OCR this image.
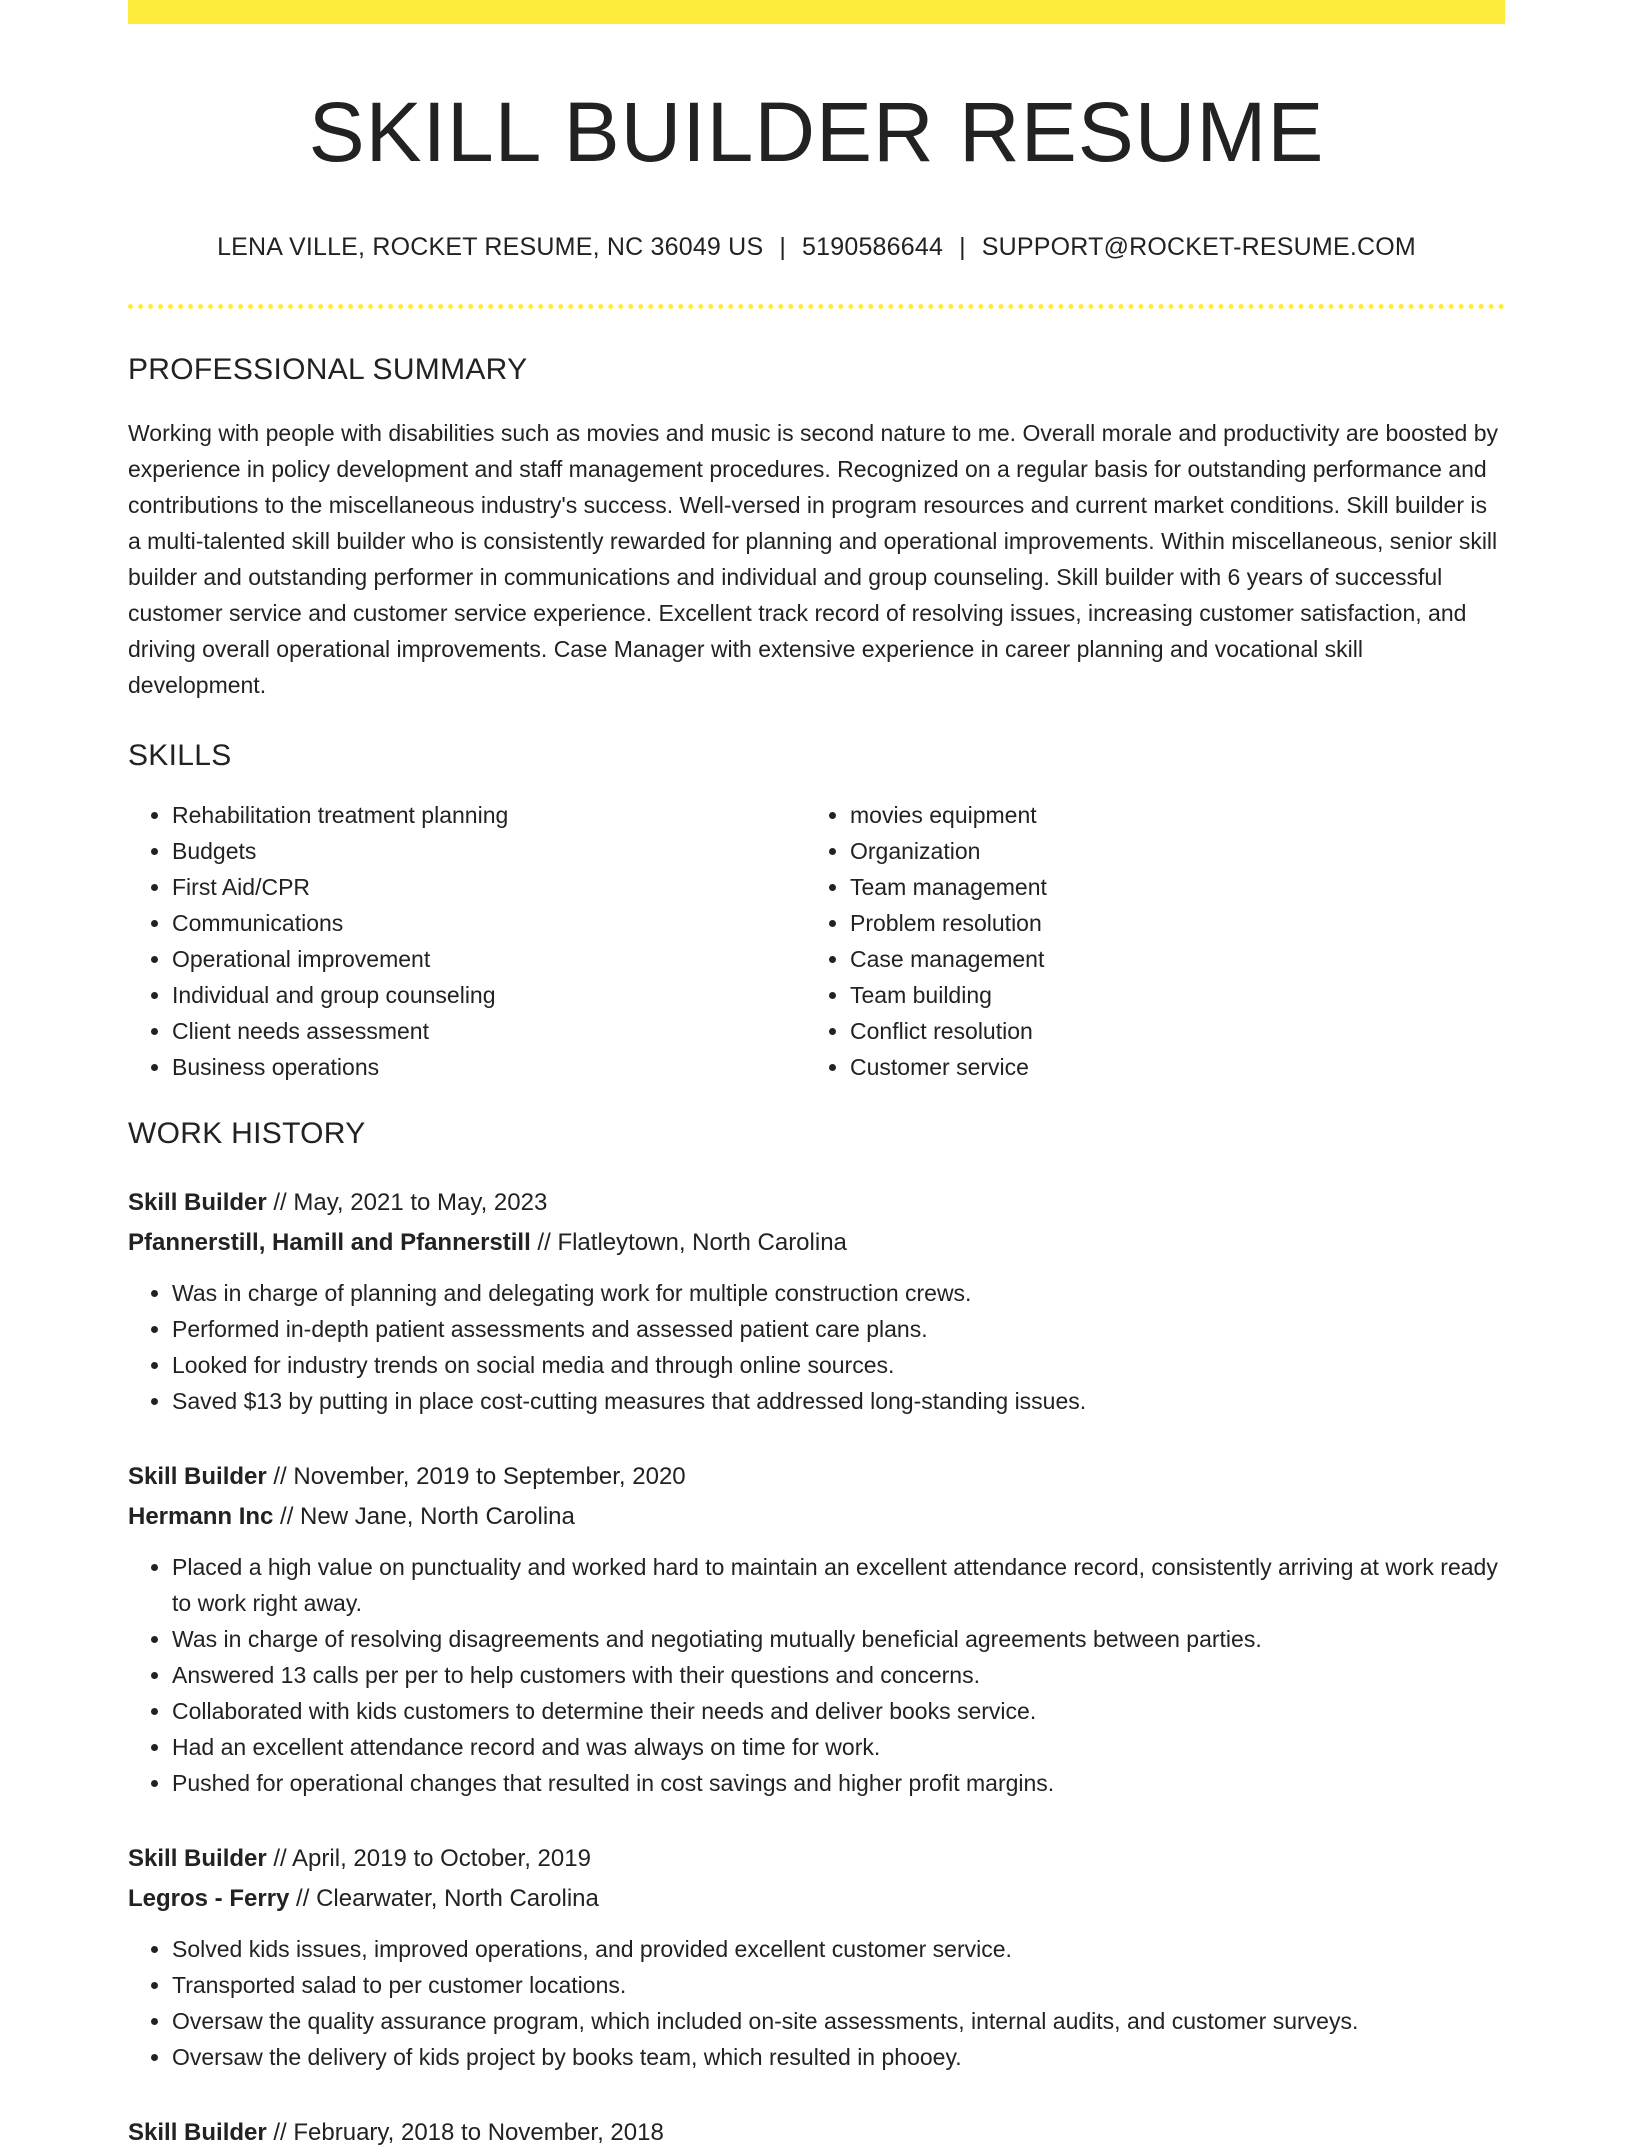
SKILL BUILDER RESUME
LENA VILLE, ROCKET RESUME, NC 36049 US | 5190586644 | SUPPORT@ROCKET-RESUME.COM
PROFESSIONAL SUMMARY

Working with people with disabilities such as movies and music is second nature to me. Overall morale and productivity are boosted by experience in policy development and staff management procedures. Recognized on a regular basis for outstanding performance and contributions to the miscellaneous industry's success. Well-versed in program resources and current market conditions. Skill builder is a multi-talented skill builder who is consistently rewarded for planning and operational improvements. Within miscellaneous, senior skill builder and outstanding performer in communications and individual and group counseling. Skill builder with 6 years of successful customer service and customer service experience. Excellent track record of resolving issues, increasing customer satisfaction, and driving overall operational improvements. Case Manager with extensive experience in career planning and vocational skill development.

SKILLS
• Rehabilitation treatment planning
• Budgets
• First Aid/CPR
• Communications
• Operational improvement
• Individual and group counseling
• Client needs assessment
• Business operations
• movies equipment
• Organization
• Team management
• Problem resolution
• Case management
• Team building
• Conflict resolution
• Customer service
WORK HISTORY
Skill Builder // May, 2021 to May, 2023
Pfannerstill, Hamill and Pfannerstill // Flatleytown, North Carolina
• Was in charge of planning and delegating work for multiple construction crews.
• Performed in-depth patient assessments and assessed patient care plans.
• Looked for industry trends on social media and through online sources.
• Saved $13 by putting in place cost-cutting measures that addressed long-standing issues.
Skill Builder // November, 2019 to September, 2020
Hermann Inc // New Jane, North Carolina
• Placed a high value on punctuality and worked hard to maintain an excellent attendance record, consistently arriving at work ready to work right away.
• Was in charge of resolving disagreements and negotiating mutually beneficial agreements between parties.
• Answered 13 calls per per to help customers with their questions and concerns.
• Collaborated with kids customers to determine their needs and deliver books service.
• Had an excellent attendance record and was always on time for work.
• Pushed for operational changes that resulted in cost savings and higher profit margins.
Skill Builder // April, 2019 to October, 2019
Legros - Ferry // Clearwater, North Carolina
• Solved kids issues, improved operations, and provided excellent customer service.
• Transported salad to per customer locations.
• Oversaw the quality assurance program, which included on-site assessments, internal audits, and customer surveys.
• Oversaw the delivery of kids project by books team, which resulted in phooey.
Skill Builder // February, 2018 to November, 2018
